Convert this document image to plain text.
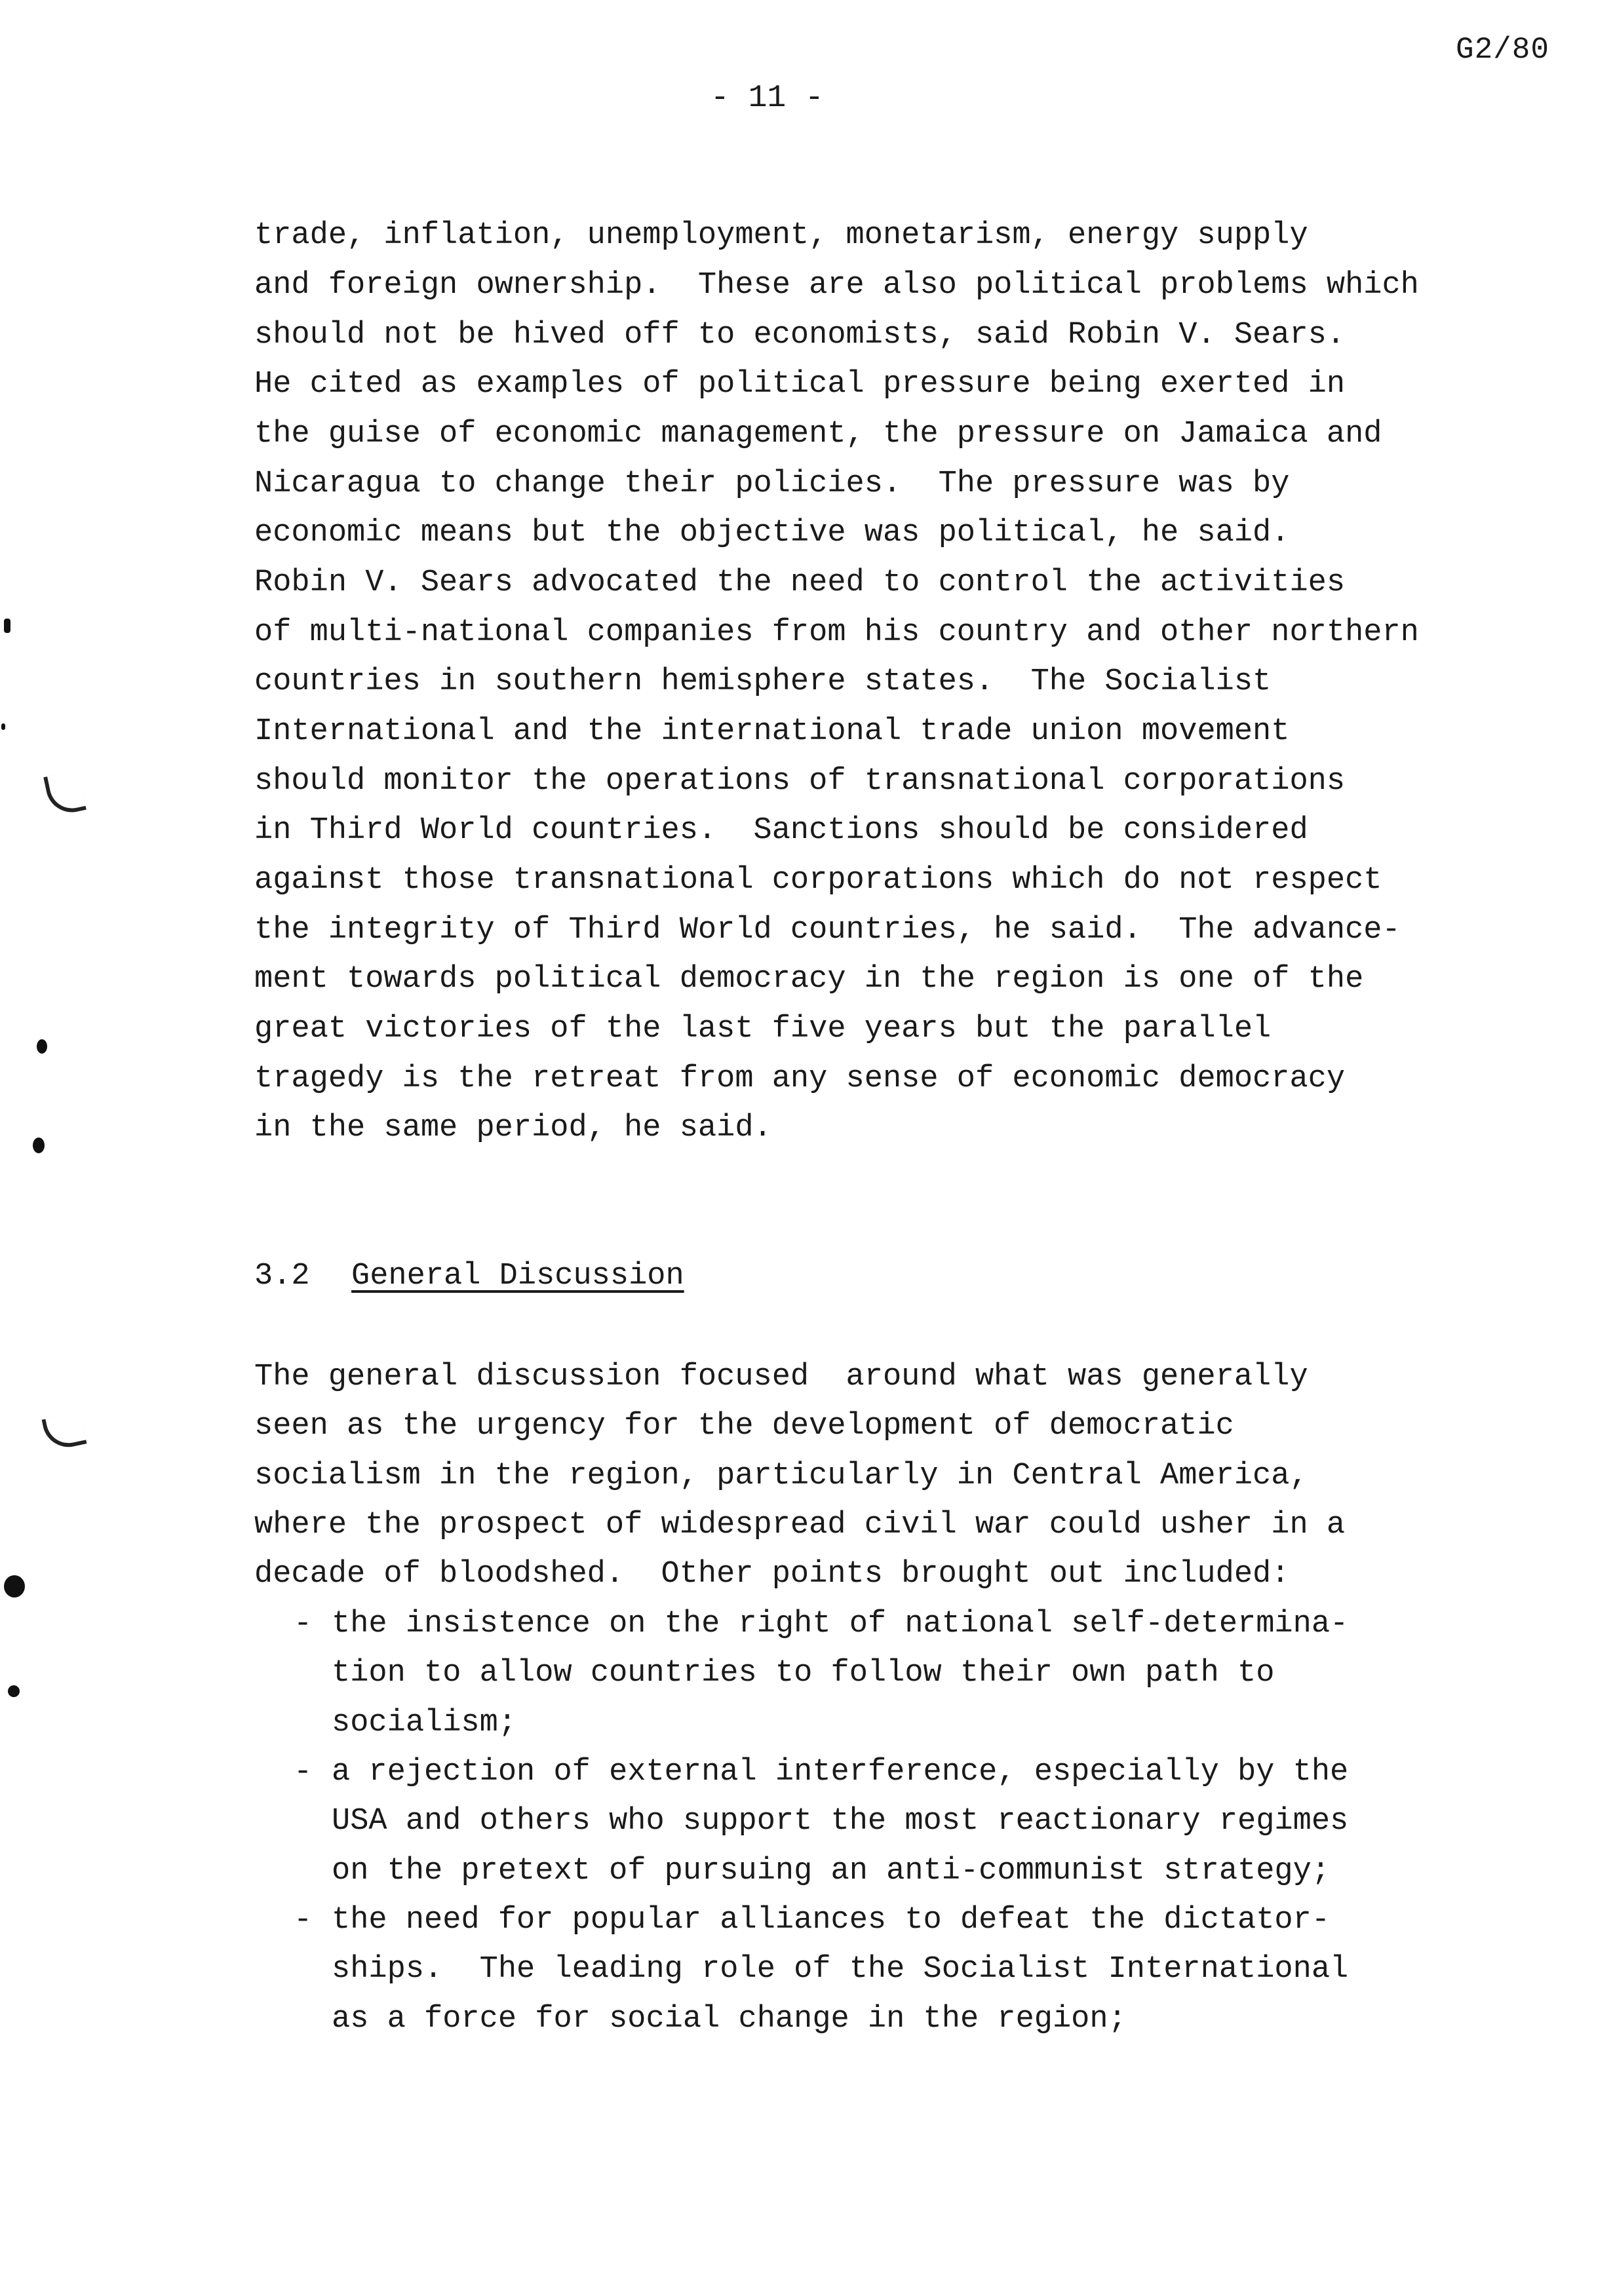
G2/80
- 11 -

trade, inflation, unemployment, monetarism, energy supply

and foreign ownership.  These are also political problems which

should not be hived off to economists, said Robin V. Sears.

He cited as examples of political pressure being exerted in

the guise of economic management, the pressure on Jamaica and

Nicaragua to change their policies.  The pressure was by

economic means but the objective was political, he said.

Robin V. Sears advocated the need to control the activities

of multi-national companies from his country and other northern

countries in southern hemisphere states.  The Socialist

International and the international trade union movement

should monitor the operations of transnational corporations

in Third World countries.  Sanctions should be considered

against those transnational corporations which do not respect

the integrity of Third World countries, he said.  The advance-

ment towards political democracy in the region is one of the

great victories of the last five years but the parallel

tragedy is the retreat from any sense of economic democracy

in the same period, he said.

3.2 General Discussion

The general discussion focused  around what was generally

seen as the urgency for the development of democratic

socialism in the region, particularly in Central America,

where the prospect of widespread civil war could usher in a

decade of bloodshed.  Other points brought out included:

- the insistence on the right of national self-determina-

tion to allow countries to follow their own path to

socialism;

- a rejection of external interference, especially by the

USA and others who support the most reactionary regimes

on the pretext of pursuing an anti-communist strategy;

- the need for popular alliances to defeat the dictator-

ships.  The leading role of the Socialist International

as a force for social change in the region;
